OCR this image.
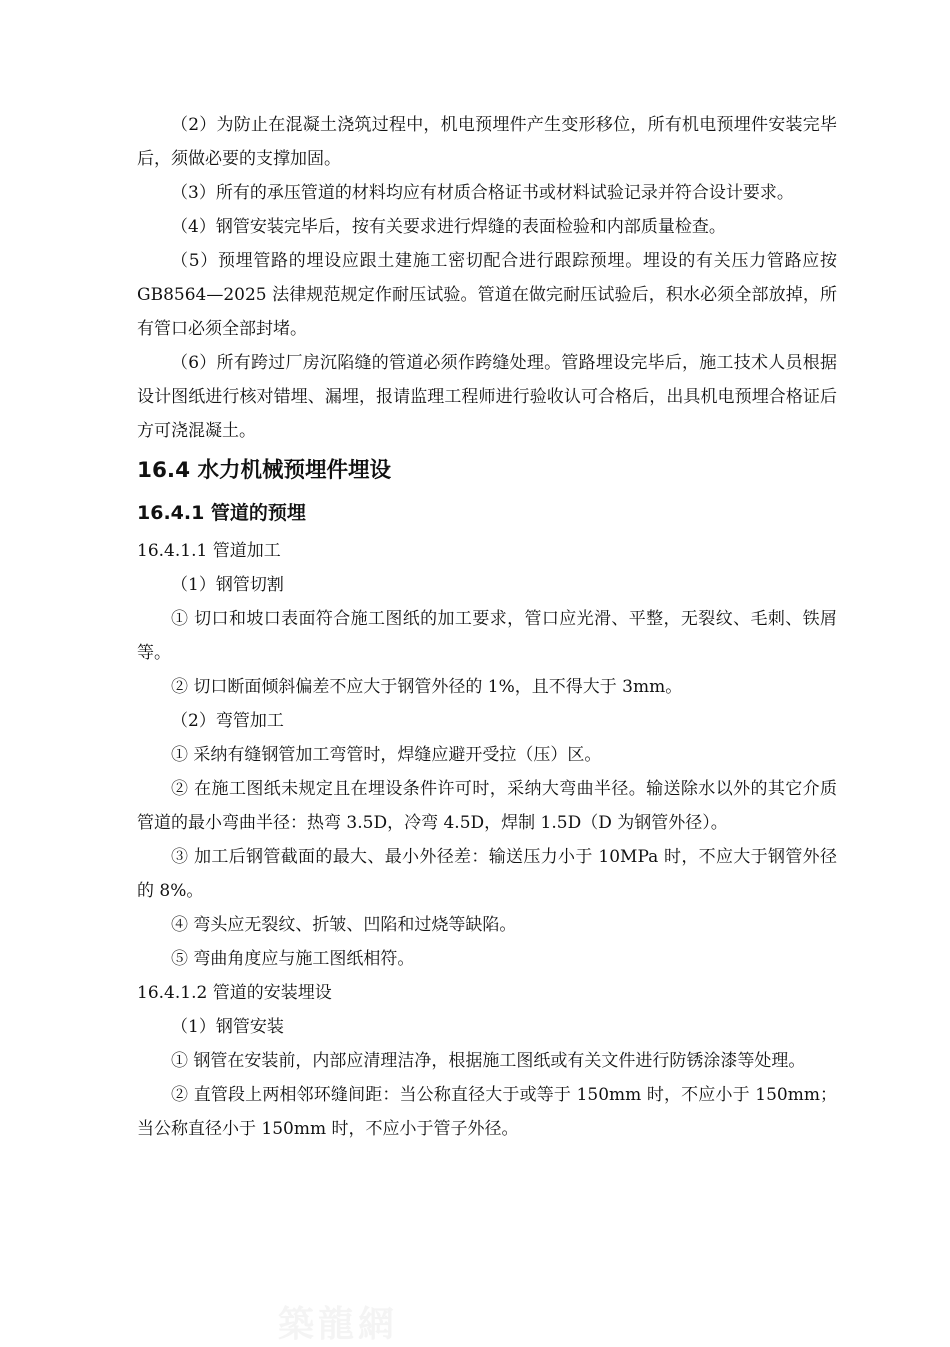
（2）为防止在混凝土浇筑过程中，机电预埋件产生变形移位，所有机电预埋件安装完毕后，须做必要的支撑加固。

（3）所有的承压管道的材料均应有材质合格证书或材料试验记录并符合设计要求。

（4）钢管安装完毕后，按有关要求进行焊缝的表面检验和内部质量检查。

（5）预埋管路的埋设应跟土建施工密切配合进行跟踪预埋。埋设的有关压力管路应按 GB8564—2025 法律规范规定作耐压试验。管道在做完耐压试验后，积水必须全部放掉，所有管口必须全部封堵。

（6）所有跨过厂房沉陷缝的管道必须作跨缝处理。管路埋设完毕后，施工技术人员根据设计图纸进行核对错埋、漏埋，报请监理工程师进行验收认可合格后，出具机电预埋合格证后方可浇混凝土。

16.4 水力机械预埋件埋设
16.4.1 管道的预埋

16.4.1.1 管道加工

（1）钢管切割

① 切口和坡口表面符合施工图纸的加工要求，管口应光滑、平整，无裂纹、毛刺、铁屑等。

② 切口断面倾斜偏差不应大于钢管外径的 1%，且不得大于 3mm。

（2）弯管加工

① 采纳有缝钢管加工弯管时，焊缝应避开受拉（压）区。

② 在施工图纸未规定且在埋设条件许可时，采纳大弯曲半径。输送除水以外的其它介质管道的最小弯曲半径：热弯 3.5D，冷弯 4.5D，焊制 1.5D（D 为钢管外径）。

③ 加工后钢管截面的最大、最小外径差：输送压力小于 10MPa 时，不应大于钢管外径的 8%。

④ 弯头应无裂纹、折皱、凹陷和过烧等缺陷。

⑤ 弯曲角度应与施工图纸相符。

16.4.1.2 管道的安装埋设

（1）钢管安装

① 钢管在安装前，内部应清理洁净，根据施工图纸或有关文件进行防锈涂漆等处理。

② 直管段上两相邻环缝间距：当公称直径大于或等于 150mm 时，不应小于 150mm；当公称直径小于 150mm 时，不应小于管子外径。

築龍網
